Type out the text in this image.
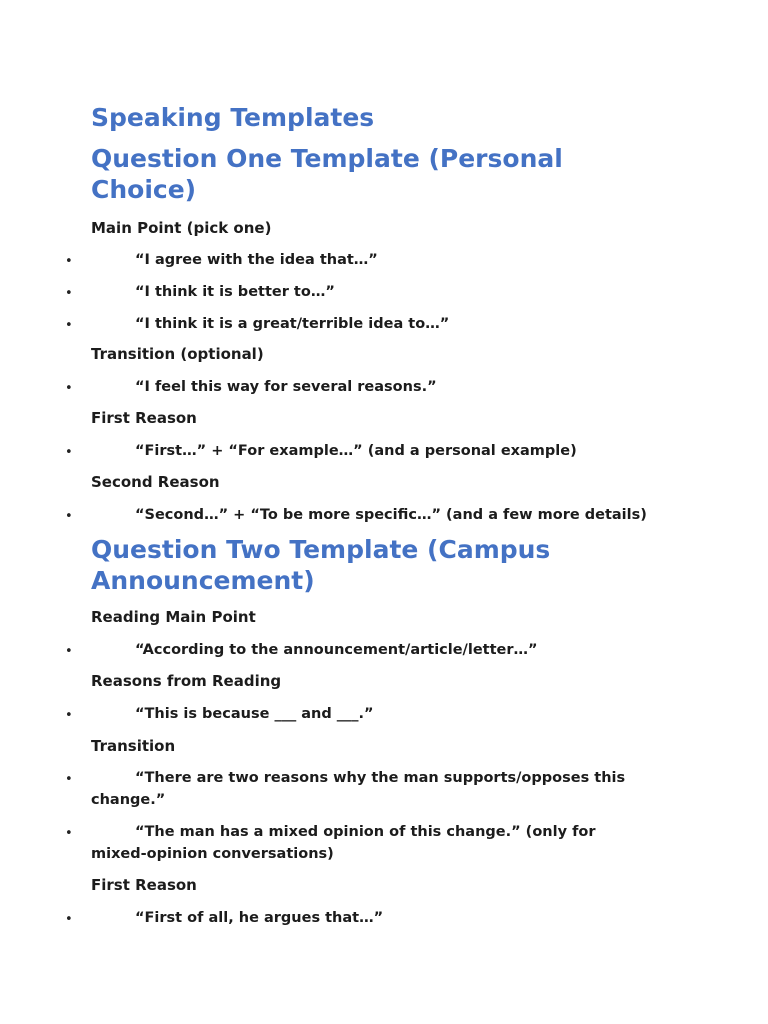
Speaking Templates
Question One Template (Personal Choice)
Main Point (pick one)
•	“I agree with the idea that…”
•	“I think it is better to…”
•	“I think it is a great/terrible idea to…”
Transition (optional)
•	“I feel this way for several reasons.”
First Reason
•	“First…” + “For example…” (and a personal example)
Second Reason
•	“Second…” + “To be more specific…” (and a few more details)
Question Two Template (Campus Announcement)
Reading Main Point
•	“According to the announcement/article/letter…”
Reasons from Reading
•	“This is because ___ and ___.”
Transition
•	“There are two reasons why the man supports/opposes this change.”
•	“The man has a mixed opinion of this change.” (only for mixed-opinion conversations)
First Reason
•	“First of all, he argues that…”
